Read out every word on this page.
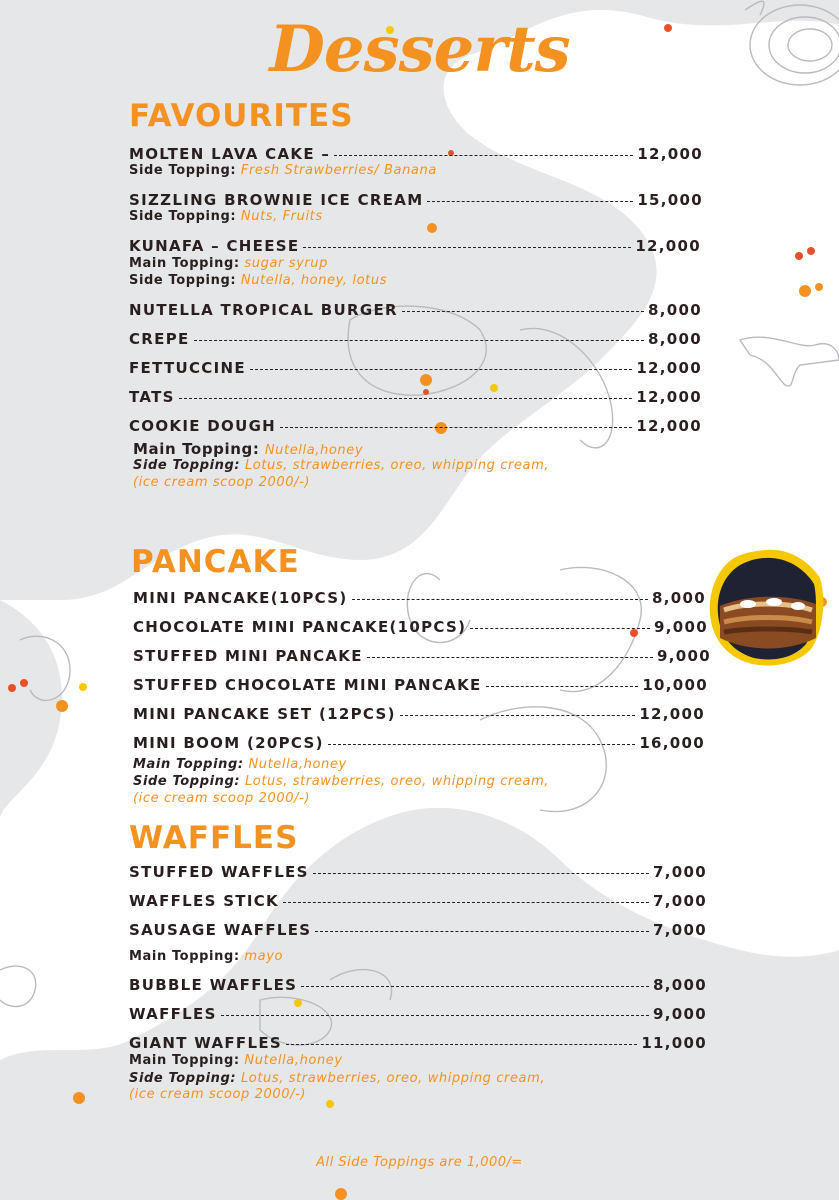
Desserts
FAVOURITES
MOLTEN LAVA CAKE –	12,000
Side Topping: Fresh Strawberries/ Banana
SIZZLING BROWNIE ICE CREAM	15,000
Side Topping: Nuts, Fruits
KUNAFA – CHEESE	12,000
Main Topping: sugar syrup
Side Topping: Nutella, honey, lotus
NUTELLA TROPICAL BURGER	8,000
CREPE	8,000
FETTUCCINE	12,000
TATS	12,000
COOKIE DOUGH	12,000
Main Topping: Nutella,honey
Side Topping: Lotus, strawberries, oreo, whipping cream,
(ice cream scoop 2000/-)
PANCAKE
MINI PANCAKE(10PCS)	8,000
CHOCOLATE MINI PANCAKE(10PCS)	9,000
STUFFED MINI PANCAKE	9,000
STUFFED CHOCOLATE MINI PANCAKE	10,000
MINI PANCAKE SET (12PCS)	12,000
MINI BOOM (20PCS)	16,000
Main Topping: Nutella,honey
Side Topping: Lotus, strawberries, oreo, whipping cream,
(ice cream scoop 2000/-)
WAFFLES
STUFFED WAFFLES	7,000
WAFFLES STICK	7,000
SAUSAGE WAFFLES	7,000
Main Topping: mayo
BUBBLE WAFFLES	8,000
WAFFLES	9,000
GIANT WAFFLES	11,000
Main Topping: Nutella,honey
Side Topping: Lotus, strawberries, oreo, whipping cream,
(ice cream scoop 2000/-)
All Side Toppings are 1,000/=
